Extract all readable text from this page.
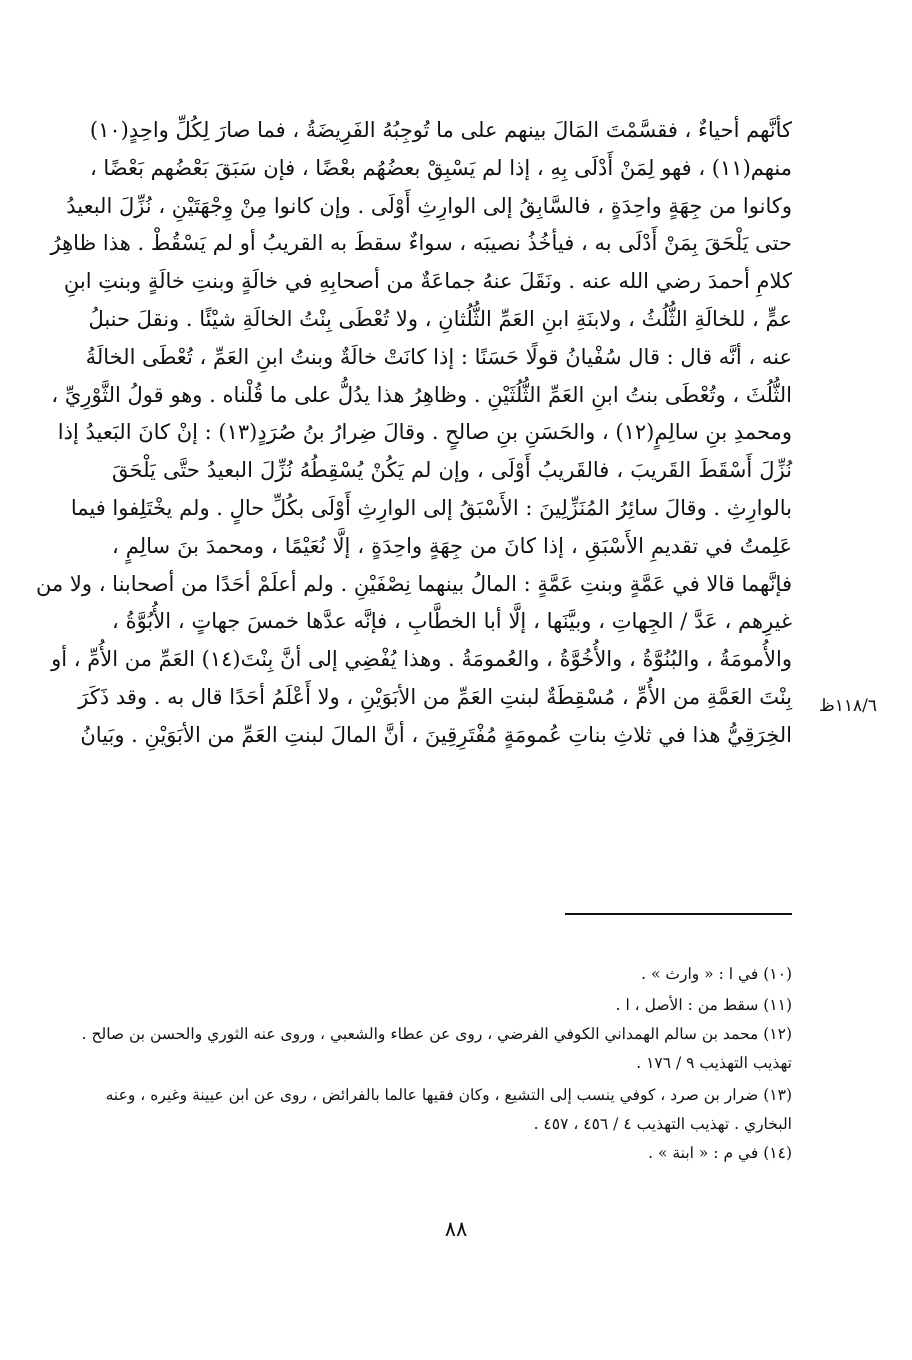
كأنَّهم أحياءٌ ، فقسَّمْتَ المَالَ بينهم على ما تُوجِبُهُ الفَرِيضَةُ ، فما صارَ لِكُلِّ واحِدٍ(١٠)
منهم(١١) ، فهو لِمَنْ أَدْلَى بِهِ ، إذا لم يَسْبِقْ بعضُهُم بعْضًا ، فإن سَبَقَ بَعْضُهم بَعْضًا ،
وكانوا من جِهَةٍ واحِدَةٍ ، فالسَّابِقُ إلى الوارِثِ أَوْلَى . وإن كانوا مِنْ وِجْهَتَيْنِ ، نُزِّلَ البعيدُ
حتى يَلْحَقَ بِمَنْ أَدْلَى به ، فيأخُذُ نصيبَه ، سواءٌ سقطَ به القريبُ أو لم يَسْقُطْ . هذا ظاهِرُ
كلامِ أحمدَ رضي الله عنه . ونَقَلَ عنهُ جماعَةٌ من أصحابِهِ في خالَةٍ وبنتِ خالَةٍ وبنتِ ابنِ
عمٍّ ، للخالَةِ الثُّلُثُ ، ولابنَةِ ابنِ العَمِّ الثُّلُثانِ ، ولا تُعْطَى بِنْتُ الخالَةِ شيْئًا . ونقلَ حنبلُ
عنه ، أنَّه قال : قال سُفْيانُ قولًا حَسَنًا : إذا كانَتْ خالَةٌ وبنتُ ابنِ العَمِّ ، تُعْطَى الخالَةُ
الثُّلُثَ ، وتُعْطَى بنتُ ابنِ العَمِّ الثُّلُثَيْنِ . وظاهِرُ هذا يدُلُّ على ما قُلْناه . وهو قولُ الثَّوْرِيِّ ،
ومحمدِ بنِ سالِمٍ(١٢) ، والحَسَنِ بنِ صالحٍ . وقالَ ضِرارُ بنُ صُرَدٍ(١٣) : إنْ كانَ البَعيدُ إذا
نُزِّلَ أَسْقَطَ القَريبَ ، فالقَريبُ أَوْلَى ، وإن لم يَكُنْ يُسْقِطُهُ نُزِّلَ البعيدُ حتَّى يَلْحَقَ
بالوارِثِ . وقالَ سائِرُ المُنَزِّلِينَ : الأَسْبَقُ إلى الوارِثِ أَوْلَى بكُلِّ حالٍ . ولم يخْتَلِفوا فيما
عَلِمتُ في تقديمِ الأَسْبَقِ ، إذا كانَ من جِهَةٍ واحِدَةٍ ، إلَّا نُعَيْمًا ، ومحمدَ بنَ سالِمٍ ،
فإنَّهما قالا في عَمَّةٍ وبنتِ عَمَّةٍ : المالُ بينهما نِصْفَيْنِ . ولم أعلَمْ أحَدًا من أصحابنا ، ولا من
غيرِهم ، عَدَّ / الجِهاتِ ، وبيَّنَها ، إلَّا أبا الخطَّابِ ، فإنَّه عدَّها خمسَ جهاتٍ ، الأُبُوَّةُ ،
والأُمومَةُ ، والبُنُوَّةُ ، والأُخُوَّةُ ، والعُمومَةُ . وهذا يُفْضِي إلى أنَّ بِنْتَ(١٤) العَمِّ من الأُمِّ ، أو
بِنْتَ العَمَّةِ من الأُمِّ ، مُسْقِطَةٌ لبنتِ العَمِّ من الأبَوَيْنِ ، ولا أَعْلَمُ أحَدًا قال به . وقد ذَكَرَ
الخِرَقِيُّ هذا في ثلاثِ بناتِ عُمومَةٍ مُفْتَرِقِينَ ، أنَّ المالَ لبنتِ العَمِّ من الأبَوَيْنِ . وبَيانُ
١١٨/٦ظ
(١٠) في ا : « وارث » .
(١١) سقط من : الأصل ، ا .
(١٢) محمد بن سالم الهمداني الكوفي الفرضي ، روى عن عطاء والشعبي ، وروى عنه الثوري والحسن بن صالح .
تهذيب التهذيب ٩ / ١٧٦ .
(١٣) ضرار بن صرد ، كوفي ينسب إلى التشيع ، وكان فقيها عالما بالفرائض ، روى عن ابن عيينة وغيره ، وعنه
البخاري . تهذيب التهذيب ٤ / ٤٥٦ ، ٤٥٧ .
(١٤) في م : « ابنة » .
٨٨
